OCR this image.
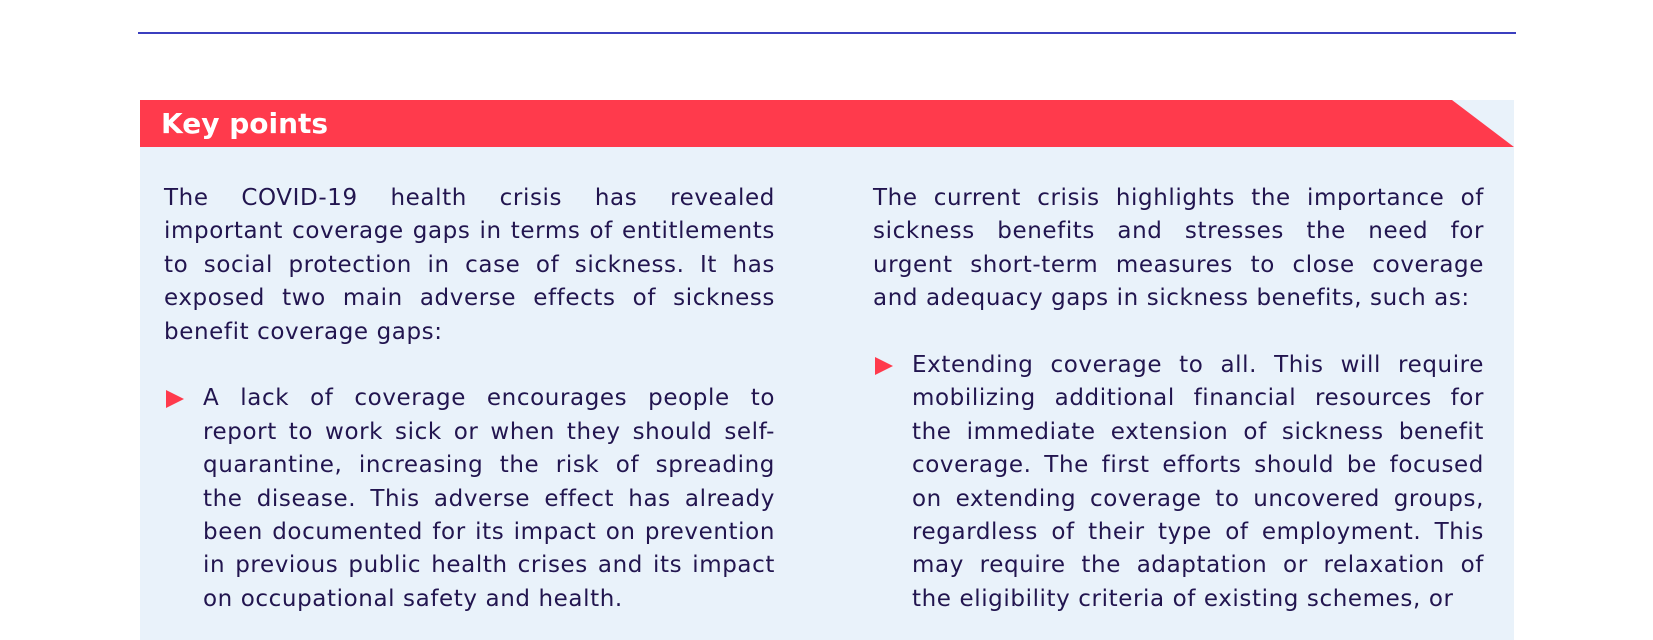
Key points

The COVID-19 health crisis has revealed important coverage gaps in terms of entitlements to social protection in case of sickness. It has exposed two main adverse effects of sickness benefit coverage gaps:

A lack of coverage encourages people to report to work sick or when they should self-quarantine, increasing the risk of spreading the disease. This adverse effect has already been documented for its impact on prevention in previous public health crises and its impact on occupational safety and health.

The current crisis highlights the importance of sickness benefits and stresses the need for urgent short-term measures to close coverage and adequacy gaps in sickness benefits, such as:

Extending coverage to all. This will require mobilizing additional financial resources for the immediate extension of sickness benefit coverage. The first efforts should be focused on extending coverage to uncovered groups, regardless of their type of employment. This may require the adaptation or relaxation of the eligibility criteria of existing schemes, or
